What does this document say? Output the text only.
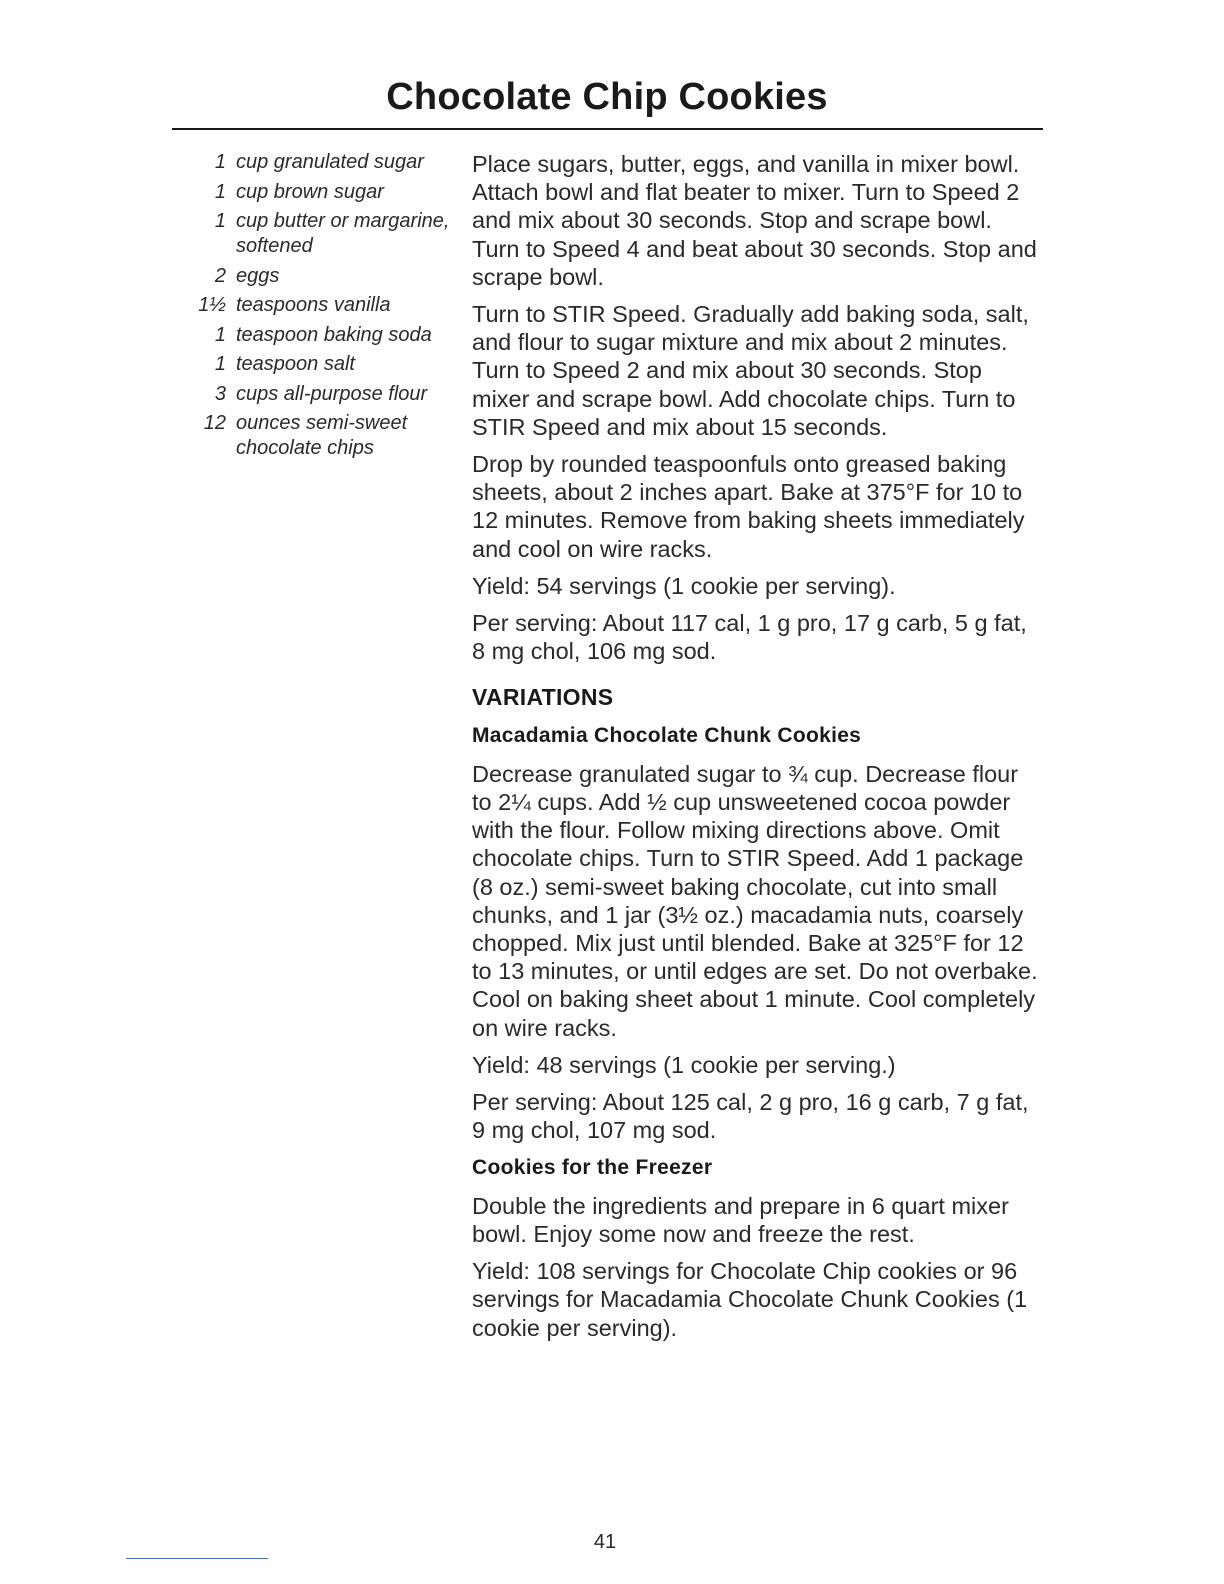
Chocolate Chip Cookies
1 cup granulated sugar
1 cup brown sugar
1 cup butter or margarine, softened
2 eggs
1½ teaspoons vanilla
1 teaspoon baking soda
1 teaspoon salt
3 cups all-purpose flour
12 ounces semi-sweet chocolate chips

Place sugars, butter, eggs, and vanilla in mixer bowl. Attach bowl and flat beater to mixer. Turn to Speed 2 and mix about 30 seconds. Stop and scrape bowl. Turn to Speed 4 and beat about 30 seconds. Stop and scrape bowl.

Turn to STIR Speed. Gradually add baking soda, salt, and flour to sugar mixture and mix about 2 minutes. Turn to Speed 2 and mix about 30 seconds. Stop mixer and scrape bowl. Add chocolate chips. Turn to STIR Speed and mix about 15 seconds.

Drop by rounded teaspoonfuls onto greased baking sheets, about 2 inches apart. Bake at 375°F for 10 to 12 minutes. Remove from baking sheets immediately and cool on wire racks.

Yield: 54 servings (1 cookie per serving).

Per serving: About 117 cal, 1 g pro, 17 g carb, 5 g fat, 8 mg chol, 106 mg sod.

VARIATIONS
Macadamia Chocolate Chunk Cookies

Decrease granulated sugar to ¾ cup. Decrease flour to 2¼ cups. Add ½ cup unsweetened cocoa powder with the flour. Follow mixing directions above. Omit chocolate chips. Turn to STIR Speed. Add 1 package (8 oz.) semi-sweet baking chocolate, cut into small chunks, and 1 jar (3½ oz.) macadamia nuts, coarsely chopped. Mix just until blended. Bake at 325°F for 12 to 13 minutes, or until edges are set. Do not overbake. Cool on baking sheet about 1 minute. Cool completely on wire racks.

Yield: 48 servings (1 cookie per serving.)

Per serving: About 125 cal, 2 g pro, 16 g carb, 7 g fat, 9 mg chol, 107 mg sod.

Cookies for the Freezer

Double the ingredients and prepare in 6 quart mixer bowl. Enjoy some now and freeze the rest.

Yield: 108 servings for Chocolate Chip cookies or 96 servings for Macadamia Chocolate Chunk Cookies (1 cookie per serving).

41
